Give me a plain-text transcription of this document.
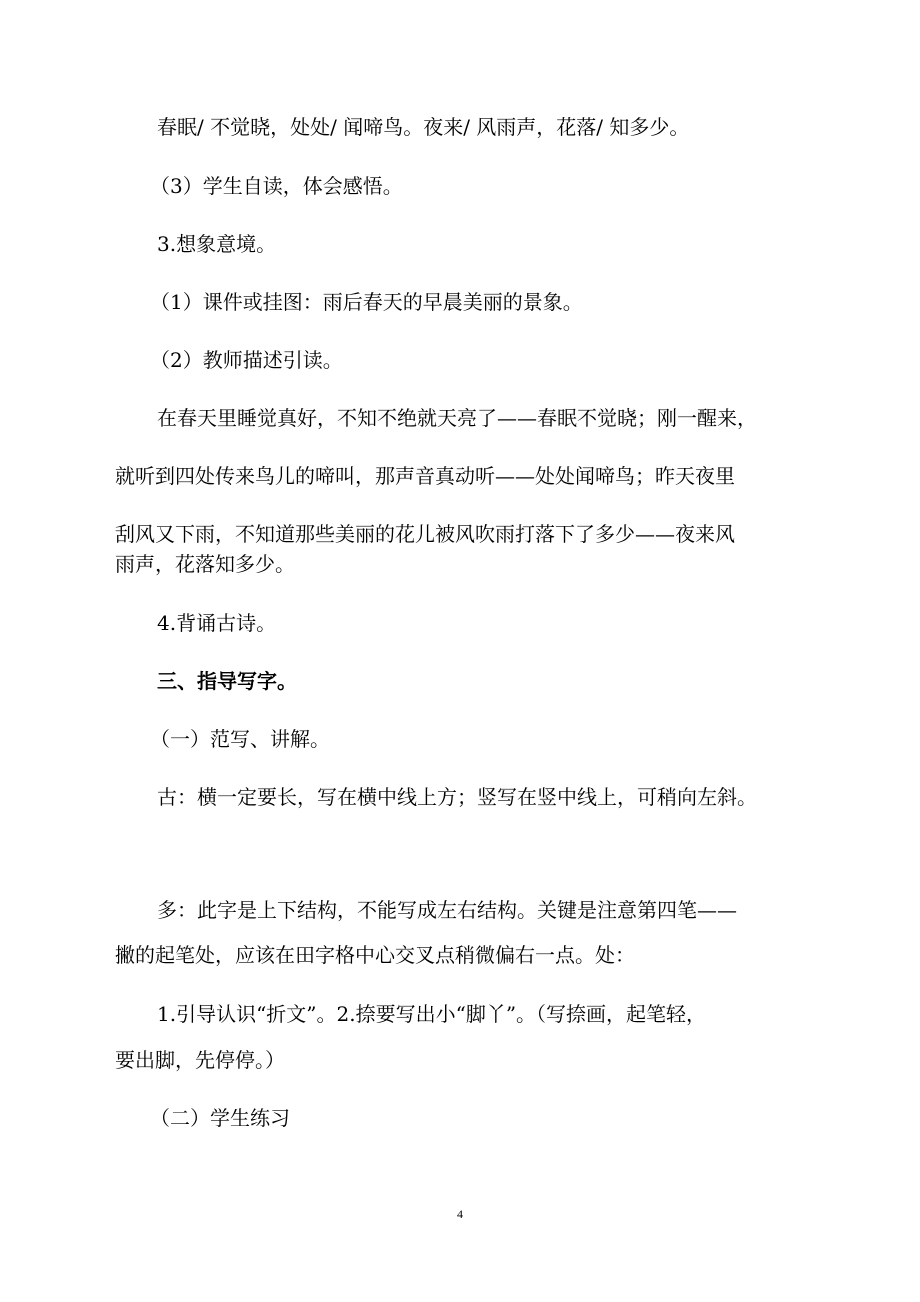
春眠/ 不觉晓，处处/ 闻啼鸟。夜来/ 风雨声，花落/ 知多少。
（3）学生自读，体会感悟。
3.想象意境。
（1）课件或挂图：雨后春天的早晨美丽的景象。
（2）教师描述引读。
在春天里睡觉真好，不知不绝就天亮了——春眠不觉晓；刚一醒来，
就听到四处传来鸟儿的啼叫，那声音真动听——处处闻啼鸟；昨天夜里
刮风又下雨，不知道那些美丽的花儿被风吹雨打落下了多少——夜来风
雨声，花落知多少。
4.背诵古诗。
三、指导写字。
（一）范写、讲解。
古：横一定要长，写在横中线上方；竖写在竖中线上，可稍向左斜。
多：此字是上下结构，不能写成左右结构。关键是注意第四笔——
撇的起笔处，应该在田字格中心交叉点稍微偏右一点。处：
1.引导认识“折文”。2.捺要写出小“脚丫”。（写捺画，起笔轻，
要出脚，先停停。）
（二）学生练习
4
